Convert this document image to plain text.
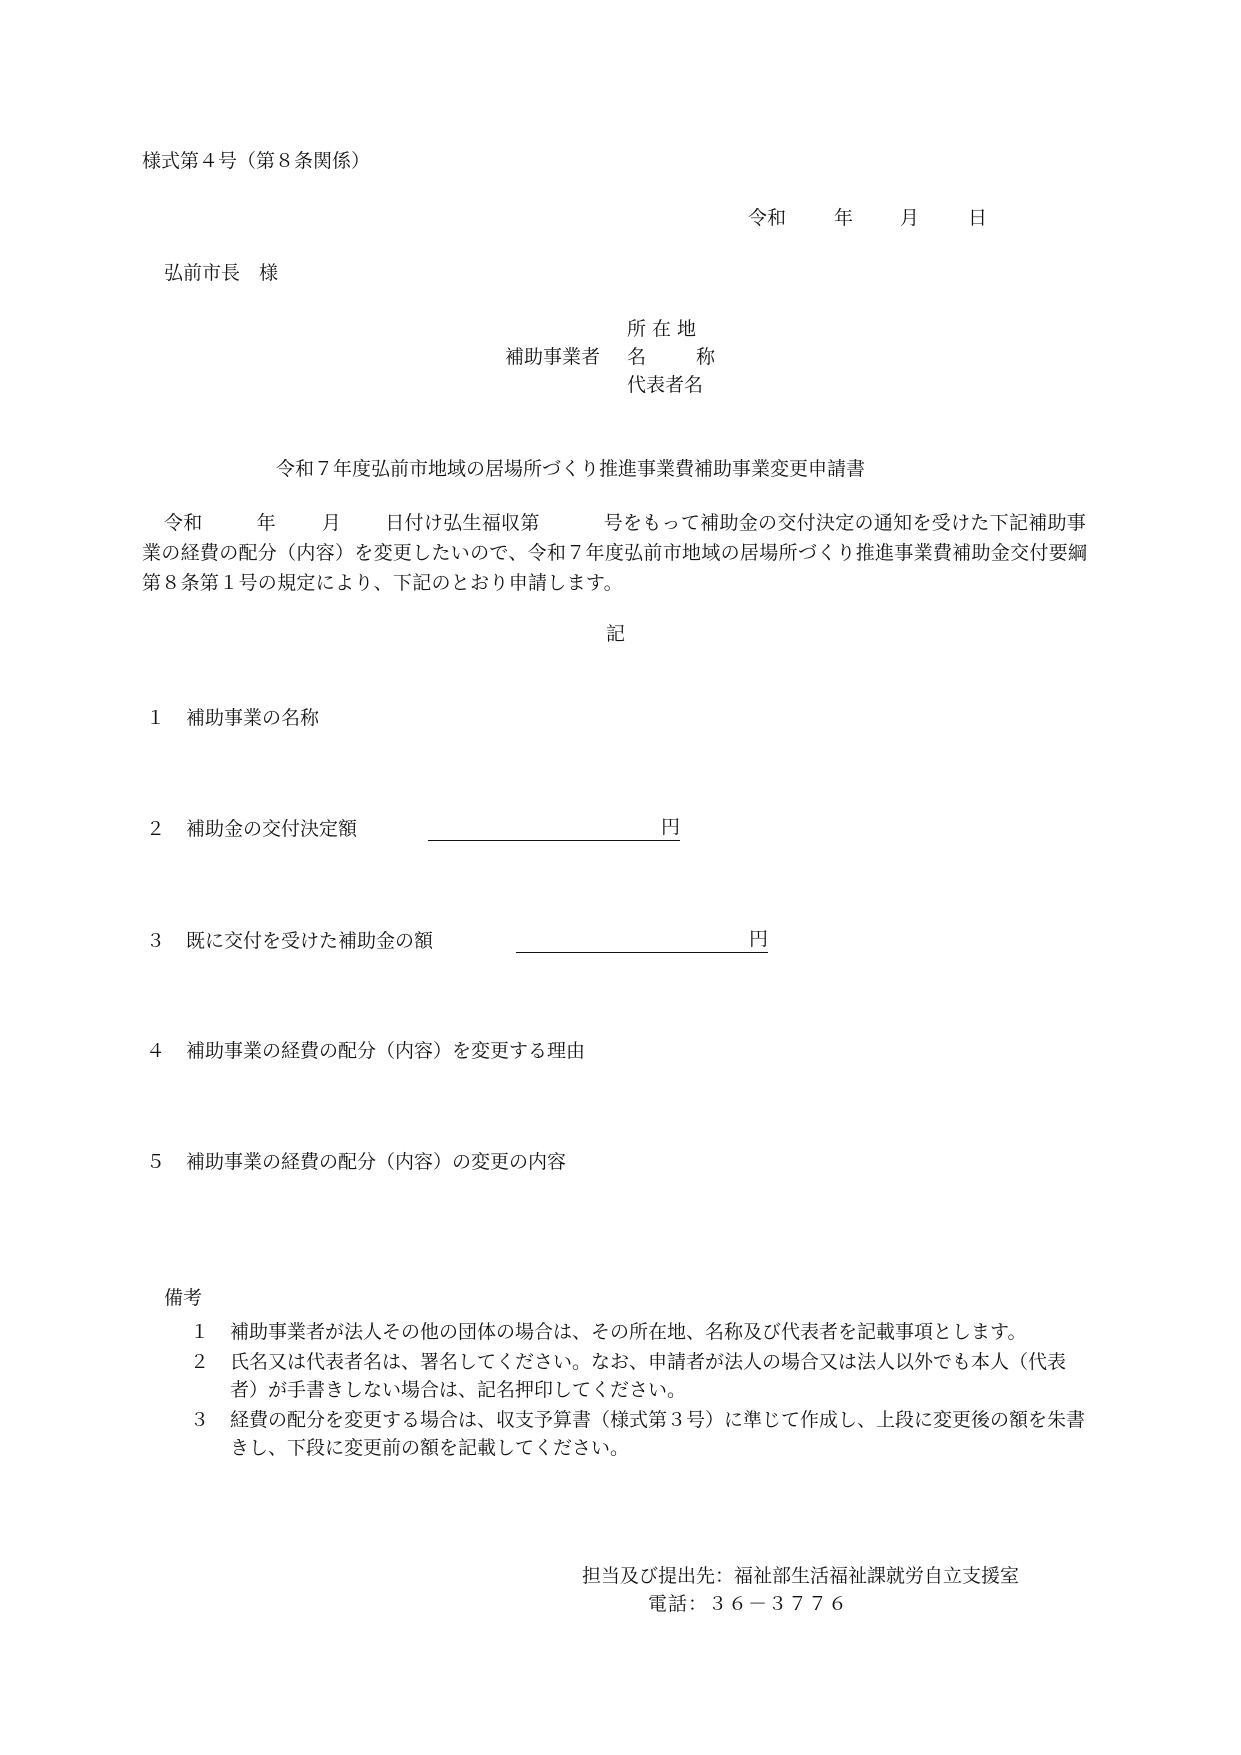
様式第４号（第８条関係）
令和	年	月	日
弘前市長　様
補助事業者
所在地
名	称
代表者名
令和７年度弘前市地域の居場所づくり推進事業費補助事業変更申請書
令和	年 月 日付け弘生福収第	号をもって補助金の交付決定の通知を受けた下記補助事業の経費の配分（内容）を変更したいので、令和７年度弘前市地域の居場所づくり推進事業費補助金交付要綱第８条第１号の規定により、下記のとおり申請します。
記
１ 補助事業の名称
２ 補助金の交付決定額	円
３ 既に交付を受けた補助金の額	円
４ 補助事業の経費の配分（内容）を変更する理由
５ 補助事業の経費の配分（内容）の変更の内容
備考
１	補助事業者が法人その他の団体の場合は、その所在地、名称及び代表者を記載事項とします。
２	氏名又は代表者名は、署名してください。なお、申請者が法人の場合又は法人以外でも本人（代表者）が手書きしない場合は、記名押印してください。
３	経費の配分を変更する場合は、収支予算書（様式第３号）に準じて作成し、上段に変更後の額を朱書きし、下段に変更前の額を記載してください。
担当及び提出先：福祉部生活福祉課就労自立支援室
電話：３６－３７７６
